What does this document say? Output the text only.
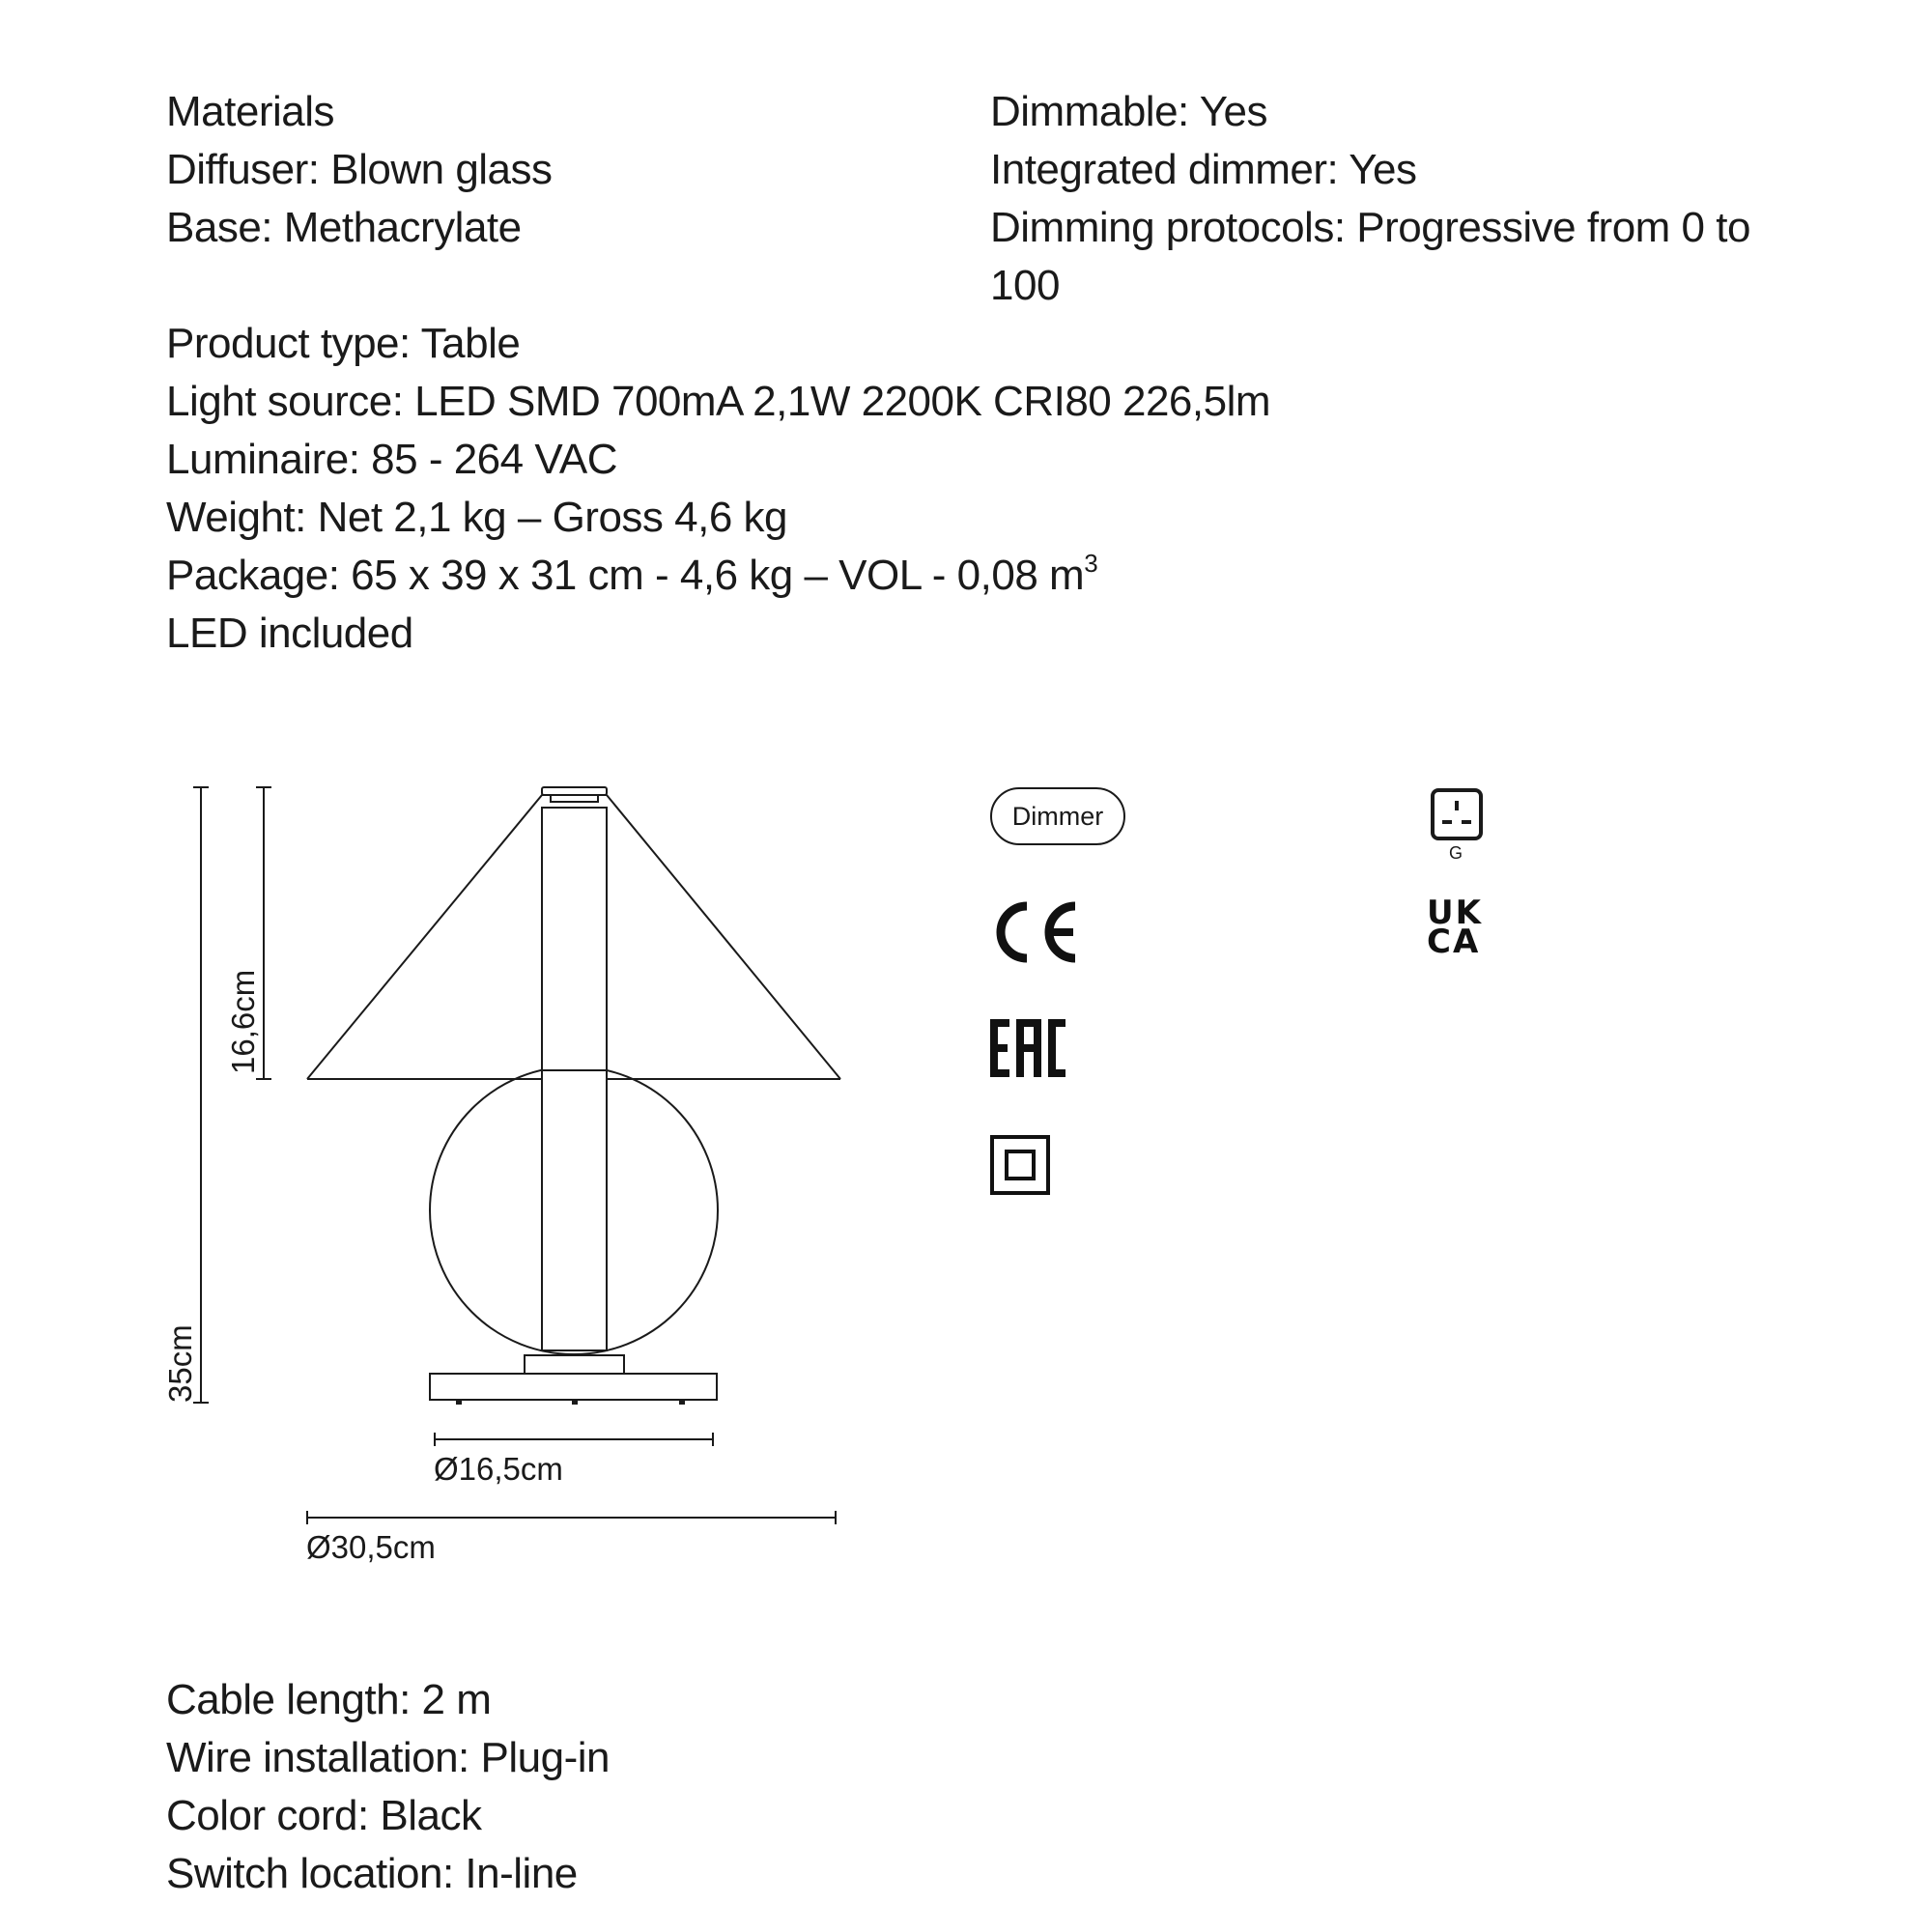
Materials
Diffuser: Blown glass
Base: Methacrylate
Product type: Table
Light source: LED SMD 700mA 2,1W 2200K CRI80 226,5lm
Luminaire: 85 - 264 VAC
Weight: Net 2,1 kg – Gross 4,6 kg
Package: 65 x 39 x 31 cm - 4,6 kg – VOL - 0,08 $m^3$
LED included
Dimmable: Yes
Integrated dimmer: Yes
Dimming protocols: Progressive from 0 to 100
35cm
16,6cm
Ø16,5cm
Ø30,5cm
Dimmer
G
UK
CA
Cable length: 2 m
Wire installation: Plug-in
Color cord: Black
Switch location: In-line
